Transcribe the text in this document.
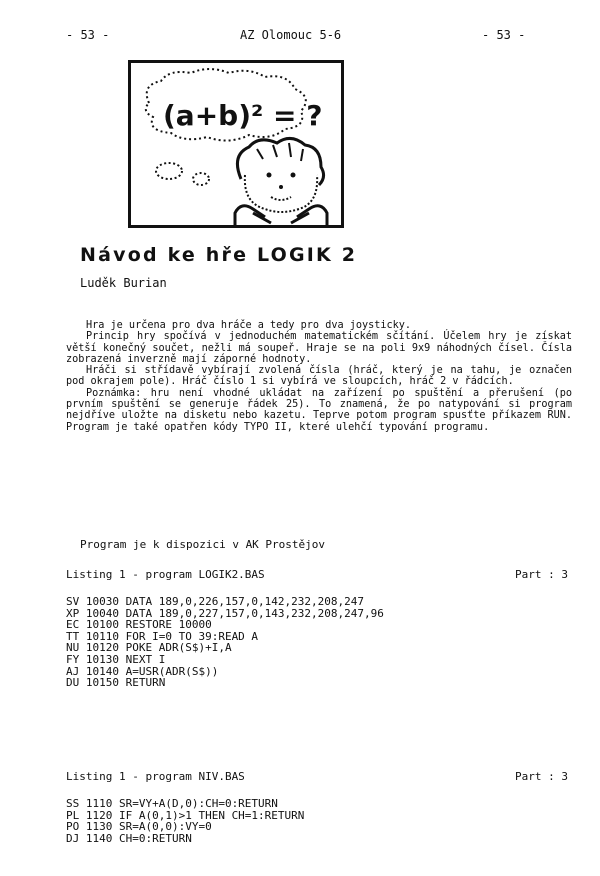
- 53 -	AZ Olomouc 5-6	- 53 -
(a+b)² = ?
Návod ke hře LOGIK 2
Luděk Burian

Hra je určena pro dva hráče a tedy pro dva joysticky.

Princip hry spočívá v jednoduchém matematickém sčítání. Účelem hry je získat větší konečný součet, nežli má soupeř. Hraje se na poli 9x9 náhodných čísel. Čísla zobrazená inverzně mají záporné hodnoty.

Hráči si střídavě vybírají zvolená čísla (hráč, který je na tahu, je označen pod okrajem pole). Hráč číslo 1 si vybírá ve sloupcích, hráč 2 v řádcích.

Poznámka: hru není vhodné ukládat na zařízení po spuštění a přerušení (po prvním spuštění se generuje řádek 25). To znamená, že po natypování si program nejdříve uložte na disketu nebo kazetu. Teprve potom program spusťte příkazem RUN. Program je také opatřen kódy TYPO II, které ulehčí typování programu.

Program je k dispozici v AK Prostějov
Listing 1 - program LOGIK2.BAS	Part : 3
SV 10030 DATA 189,0,226,157,0,142,232,208,247
XP 10040 DATA 189,0,227,157,0,143,232,208,247,96
EC 10100 RESTORE 10000
TT 10110 FOR I=0 TO 39:READ A
NU 10120 POKE ADR(S$)+I,A
FY 10130 NEXT I
AJ 10140 A=USR(ADR(S$))
DU 10150 RETURN
Listing 1 - program NIV.BAS	Part : 3
SS 1110 SR=VY+A(D,0):CH=0:RETURN
PL 1120 IF A(0,1)>1 THEN CH=1:RETURN
PO 1130 SR=A(0,0):VY=0
DJ 1140 CH=0:RETURN
